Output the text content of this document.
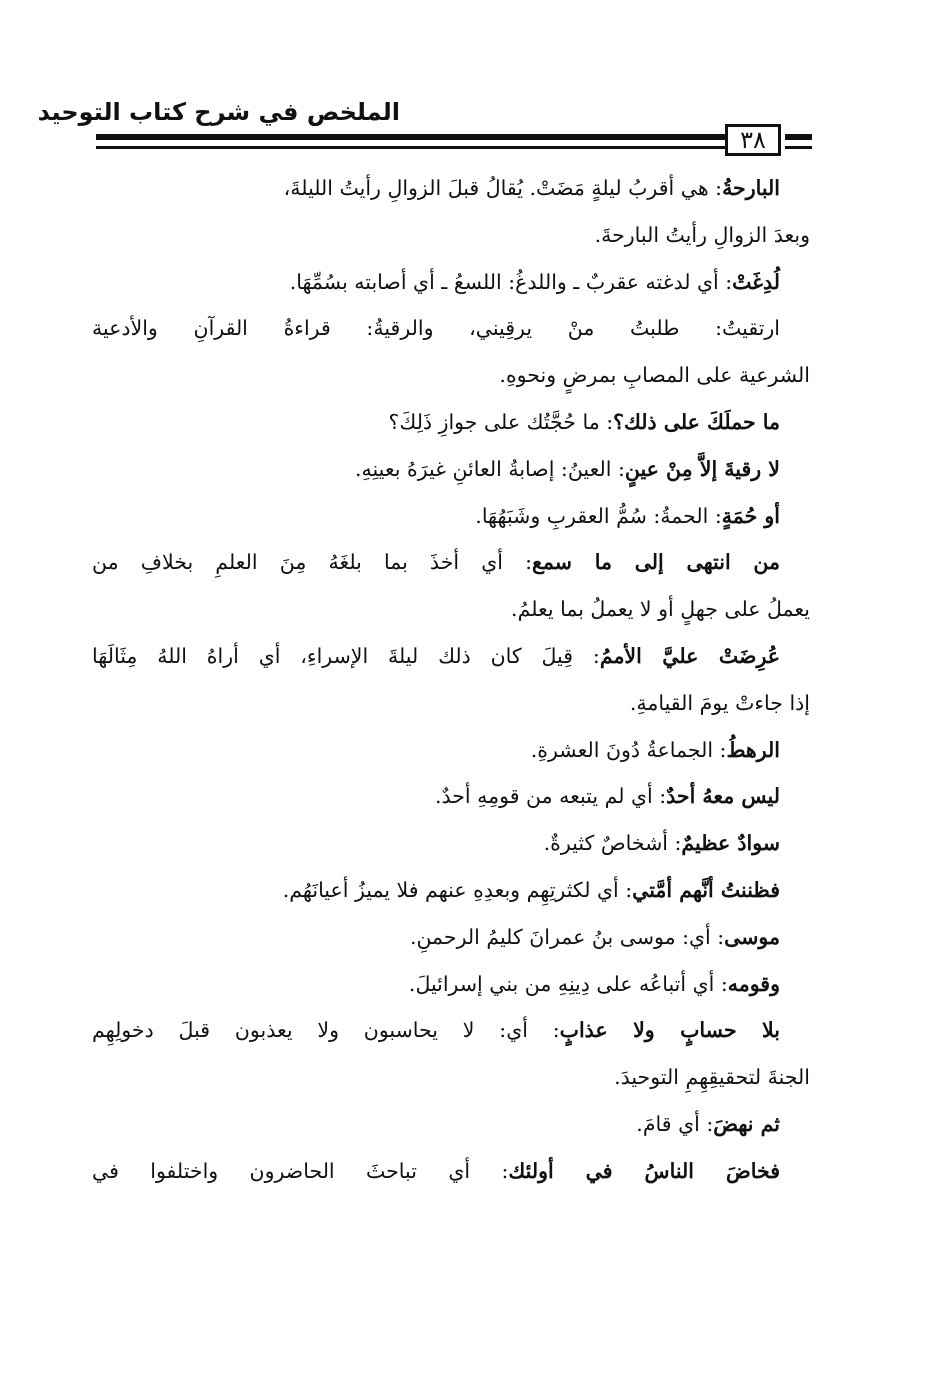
الملخص في شرح كتاب التوحيد
٣٨
البارحةُ: هي أقربُ ليلةٍ مَضَتْ. يُقالُ قبلَ الزوالِ رأيتُ الليلةَ،
وبعدَ الزوالِ رأيتُ البارحةَ.
لُدِغَتْ: أي لدغته عقربٌ ـ واللدغُ: اللسعُ ـ أي أصابته بسُمِّهَا.
ارتقيتُ: طلبتُ منْ يرقِيني، والرقيةُ: قراءةُ القرآنِ والأدعية
الشرعية على المصابِ بمرضٍ ونحوهِ.
ما حملَكَ على ذلك؟: ما حُجَّتُك على جوازِ ذَلِكَ؟
لا رقيةَ إلاَّ مِنْ عينٍ: العينُ: إصابةُ العائنِ غيرَهُ بعينِهِ.
أو حُمَةٍ: الحمةُ: سُمُّ العقربِ وشَبَهُهَا.
من انتهى إلى ما سمع: أي أخذَ بما بلغَهُ مِنَ العلمِ بخلافِ من
يعملُ على جهلٍ أو لا يعملُ بما يعلمُ.
عُرِضَتْ عليَّ الأممُ: قِيلَ كان ذلك ليلةَ الإسراءِ، أي أراهُ اللهُ مِثَالَهَا
إذا جاءتْ يومَ القيامةِ.
الرهطُ: الجماعةُ دُونَ العشرةِ.
ليس معهُ أحدٌ: أي لم يتبعه من قومِهِ أحدٌ.
سوادٌ عظيمٌ: أشخاصٌ كثيرةٌ.
فظننتُ أنَّهم أمَّتي: أي لكثرتِهِم وبعدِهِ عنهم فلا يميزُ أعيانَهُم.
موسى: أي: موسى بنُ عمرانَ كليمُ الرحمنِ.
وقومه: أي أتباعُه على دِينِهِ من بني إسرائيلَ.
بلا حسابٍ ولا عذابٍ: أي: لا يحاسبون ولا يعذبون قبلَ دخولِهِم
الجنةَ لتحقيقِهِمِ التوحيدَ.
ثم نهضَ: أي قامَ.
فخاضَ الناسُ في أولئك: أي تباحثَ الحاضرون واختلفوا في
